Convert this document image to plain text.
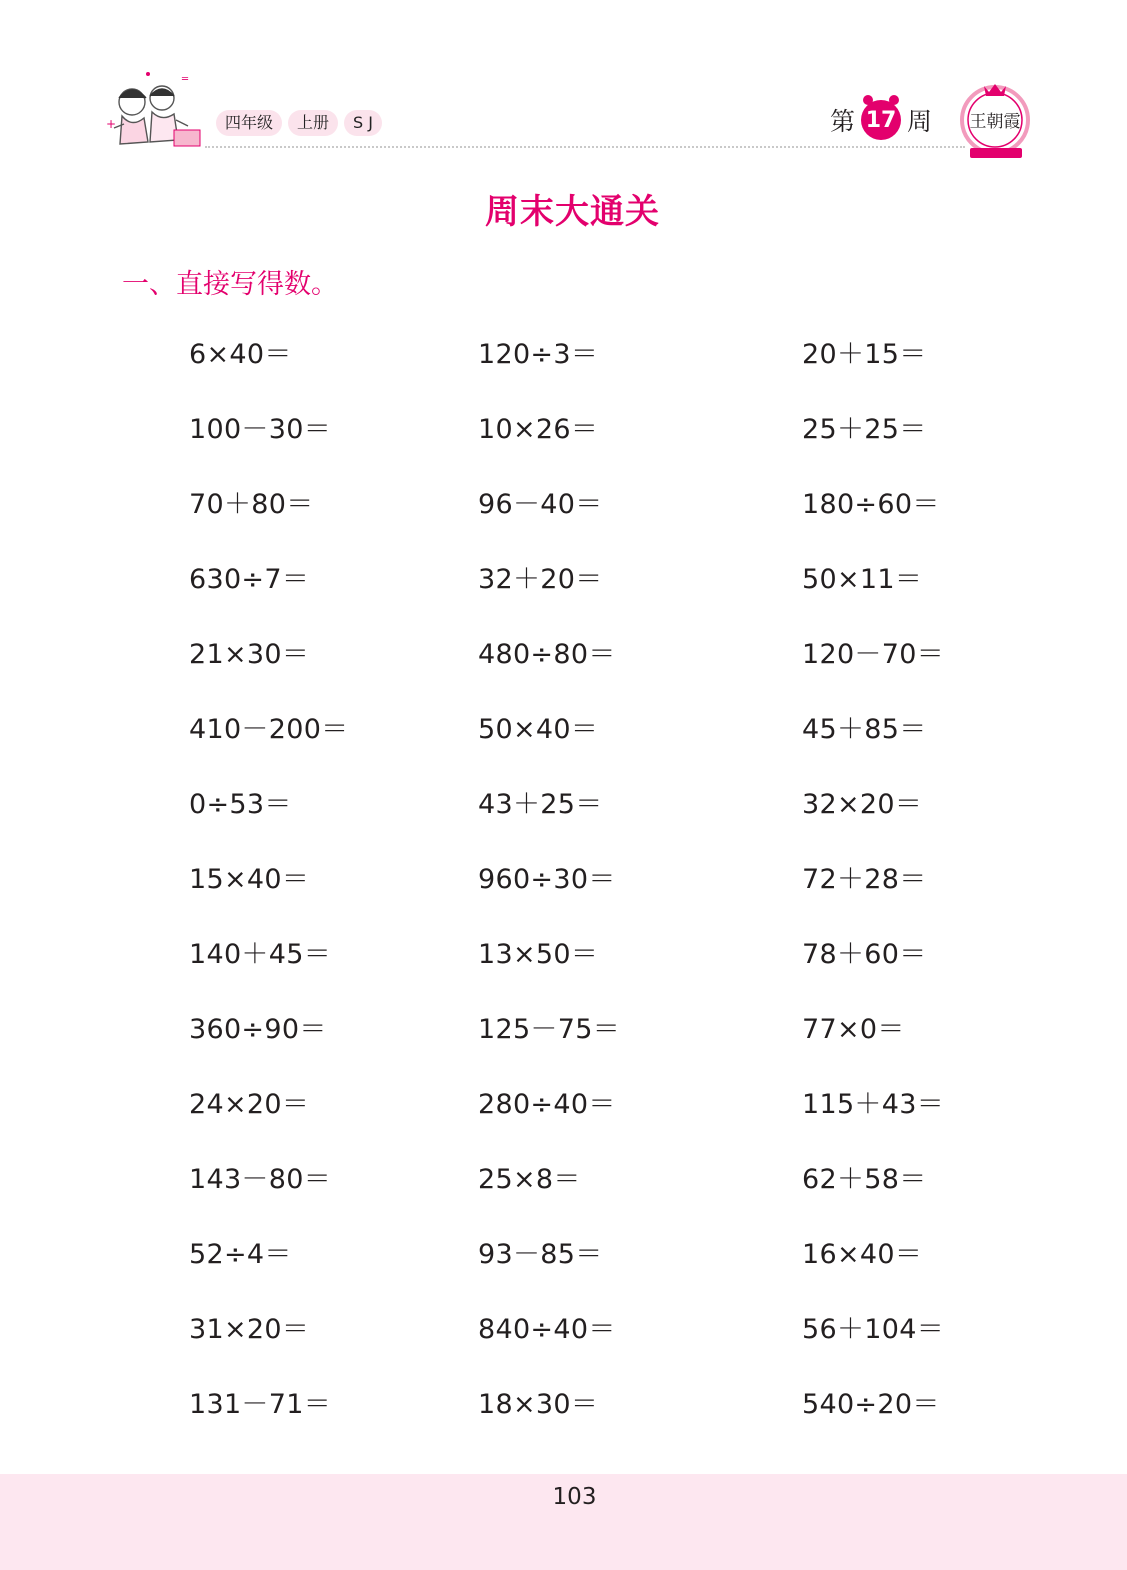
+
═
四年级	上册	S J	第 17 周 王朝霞
周末大通关
一、直接写得数。
6×40＝	120÷3＝	20＋15＝
100－30＝	10×26＝	25＋25＝
70＋80＝	96－40＝	180÷60＝
630÷7＝	32＋20＝	50×11＝
21×30＝	480÷80＝	120－70＝
410－200＝	50×40＝	45＋85＝
0÷53＝	43＋25＝	32×20＝
15×40＝	960÷30＝	72＋28＝
140＋45＝	13×50＝	78＋60＝
360÷90＝	125－75＝	77×0＝
24×20＝	280÷40＝	115＋43＝
143－80＝	25×8＝	62＋58＝
52÷4＝	93－85＝	16×40＝
31×20＝	840÷40＝	56＋104＝
131－71＝	18×30＝	540÷20＝
103
